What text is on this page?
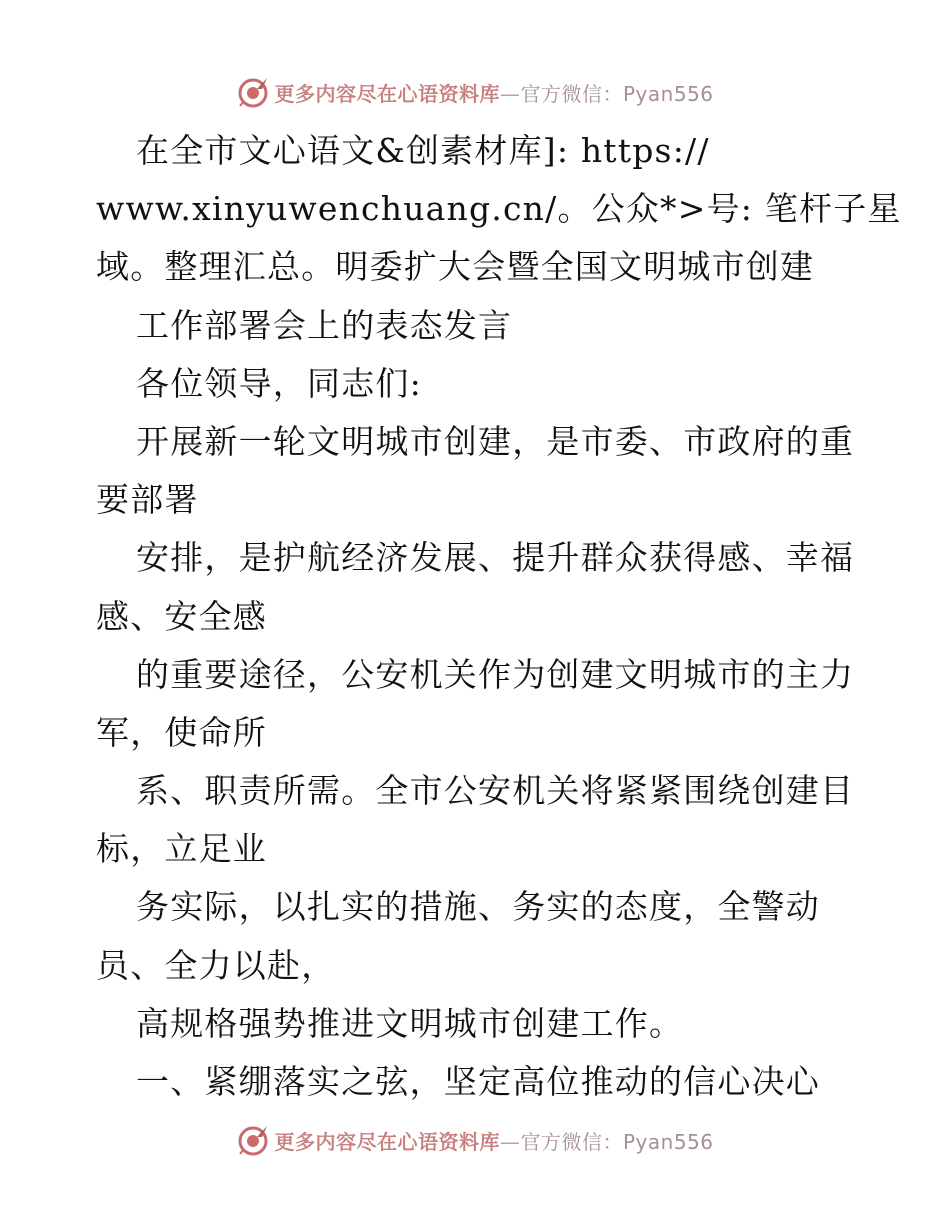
更多内容尽在心语资料库—官方微信：Pyan556
在全市文心语文&创素材库]: https://
www.xinyuwenchuang.cn/。公众*>号: 笔杆子星
域。整理汇总。明委扩大会暨全国文明城市创建
工作部署会上的表态发言
各位领导，同志们:
开展新一轮文明城市创建，是市委、市政府的重
要部署
安排，是护航经济发展、提升群众获得感、幸福
感、安全感
的重要途径，公安机关作为创建文明城市的主力
军，使命所
系、职责所需。全市公安机关将紧紧围绕创建目
标，立足业
务实际，以扎实的措施、务实的态度，全警动
员、全力以赴，
高规格强势推进文明城市创建工作。
一、紧绷落实之弦，坚定高位推动的信心决心
更多内容尽在心语资料库—官方微信：Pyan556
